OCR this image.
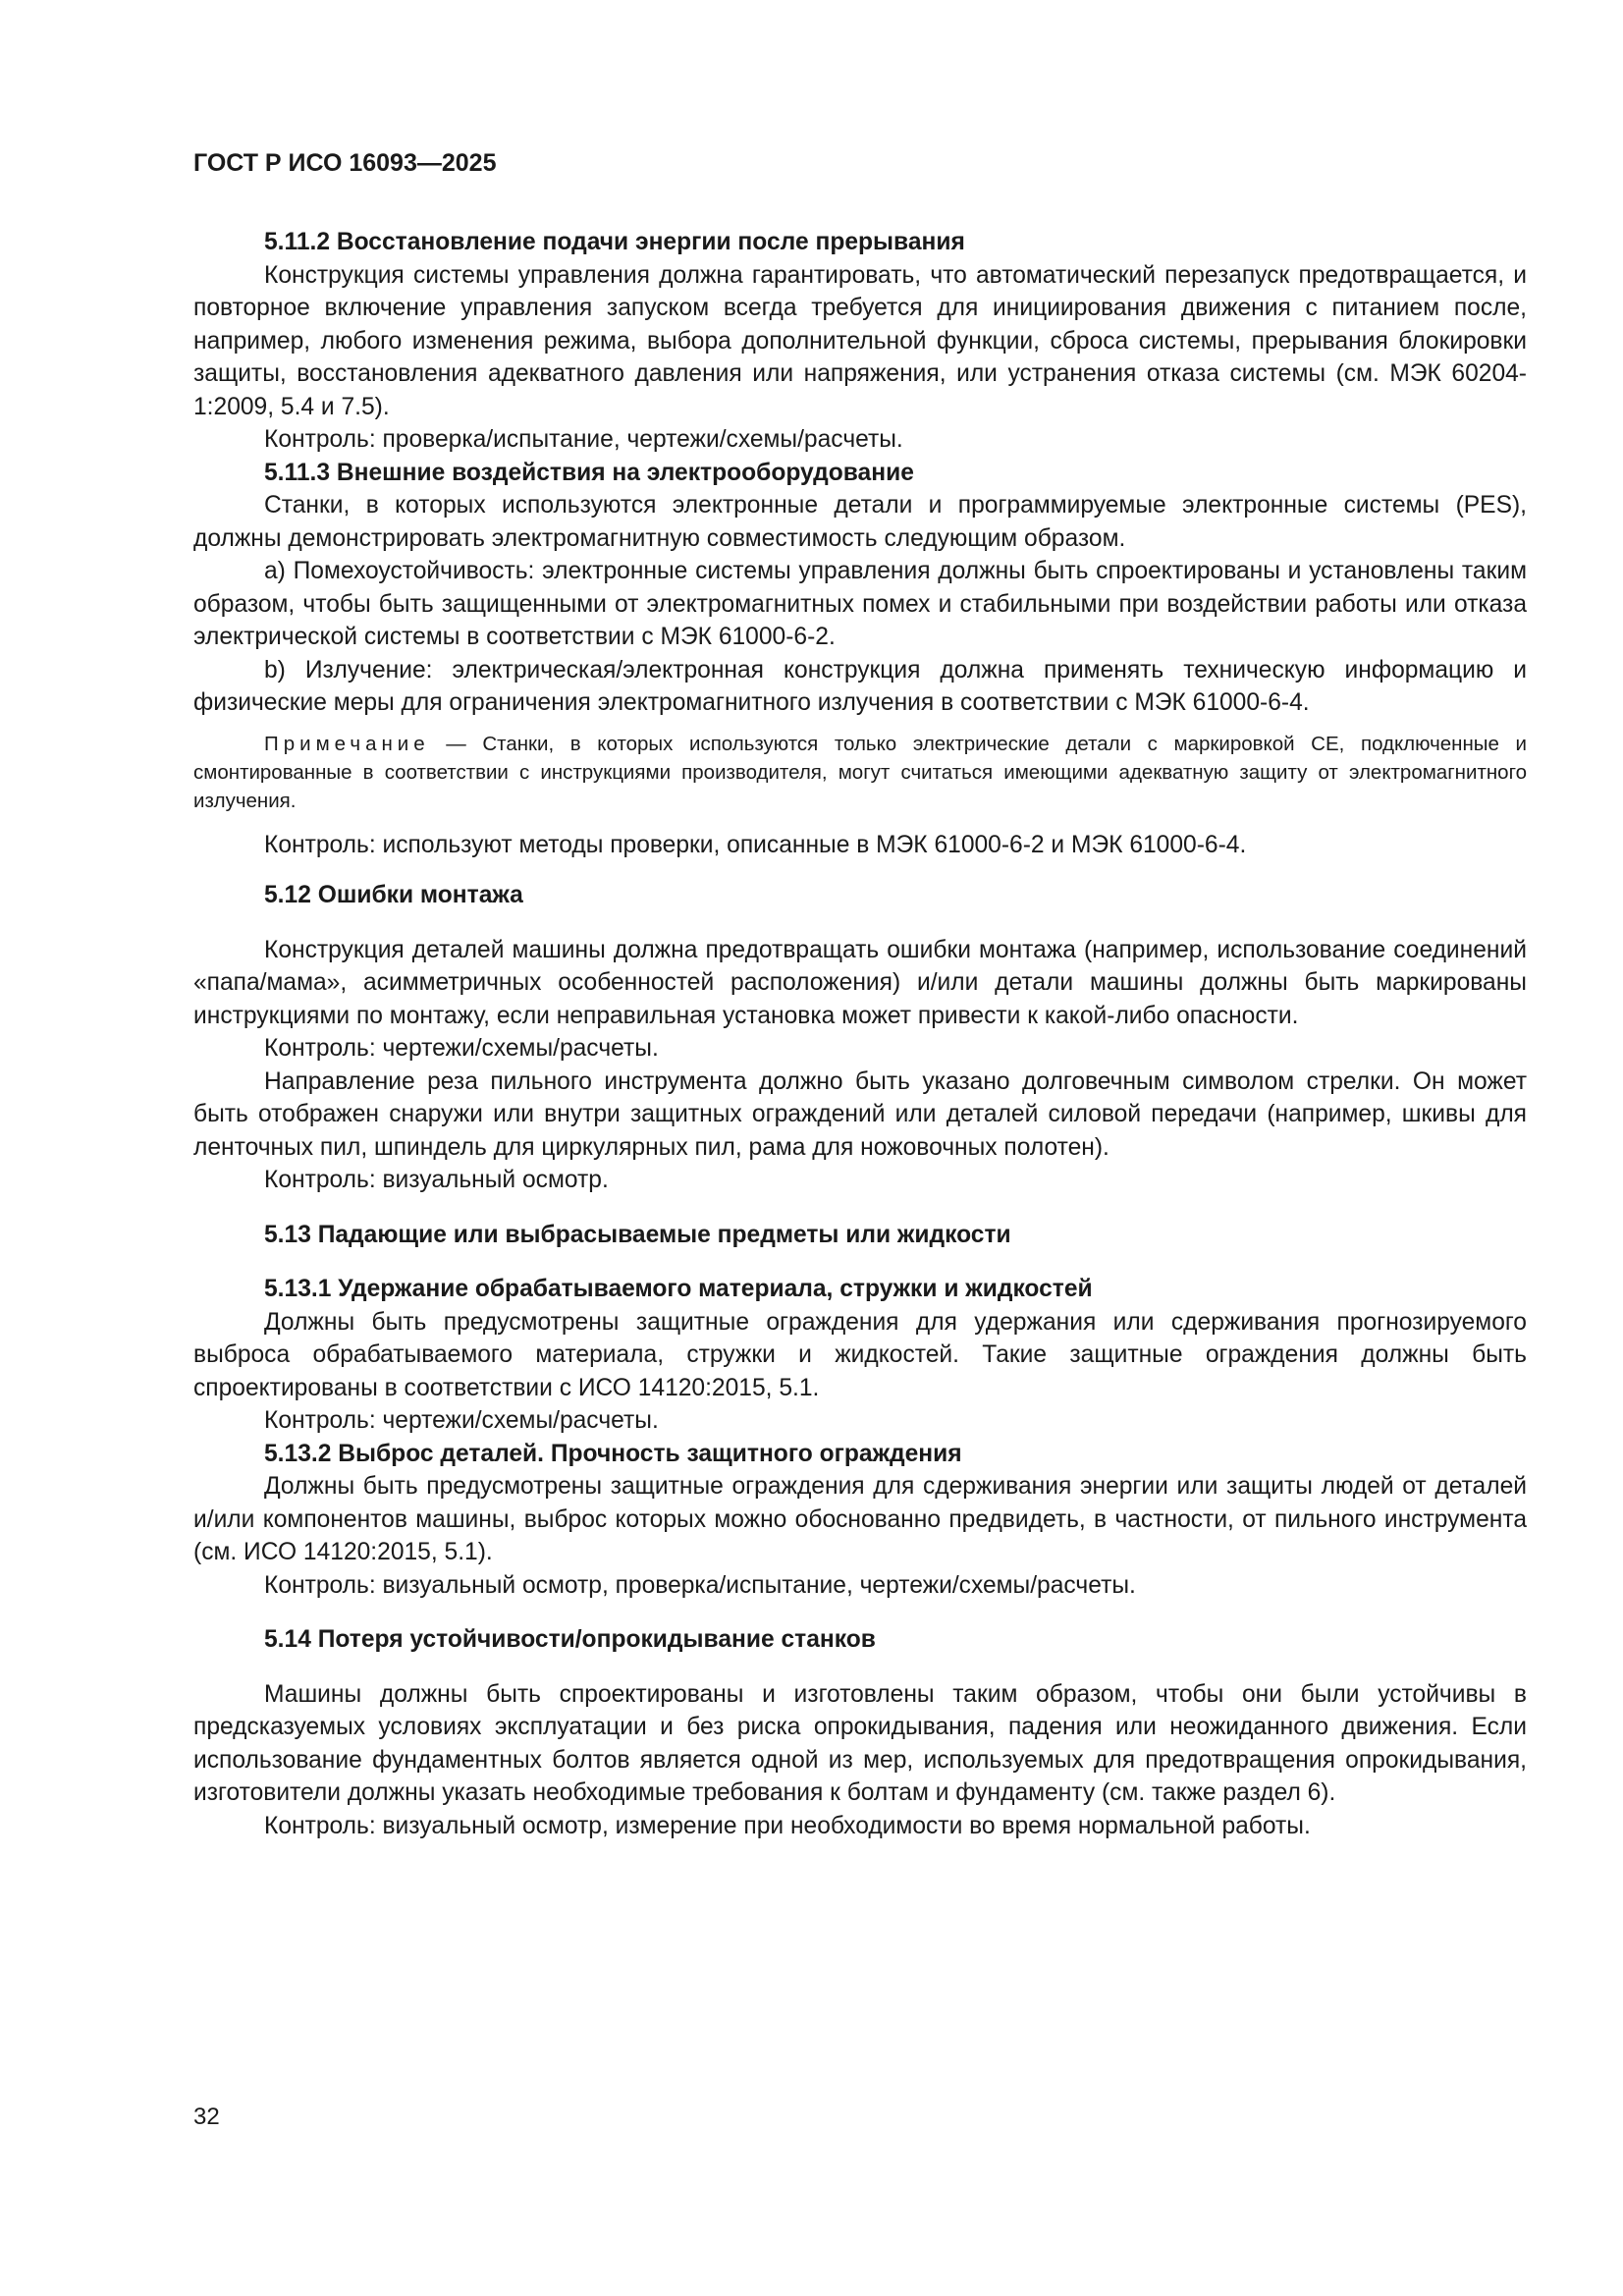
ГОСТ Р ИСО 16093—2025
5.11.2 Восстановление подачи энергии после прерывания

Конструкция системы управления должна гарантировать, что автоматический перезапуск предотвращается, и повторное включение управления запуском всегда требуется для инициирования движения с питанием после, например, любого изменения режима, выбора дополнительной функции, сброса системы, прерывания блокировки защиты, восстановления адекватного давления или напряжения, или устранения отказа системы (см. МЭК 60204-1:2009, 5.4 и 7.5).

Контроль: проверка/испытание, чертежи/схемы/расчеты.

5.11.3 Внешние воздействия на электрооборудование

Станки, в которых используются электронные детали и программируемые электронные системы (PES), должны демонстрировать электромагнитную совместимость следующим образом.

a) Помехоустойчивость: электронные системы управления должны быть спроектированы и установлены таким образом, чтобы быть защищенными от электромагнитных помех и стабильными при воздействии работы или отказа электрической системы в соответствии с МЭК 61000-6-2.

b) Излучение: электрическая/электронная конструкция должна применять техническую информацию и физические меры для ограничения электромагнитного излучения в соответствии с МЭК 61000-6-4.

Примечание — Станки, в которых используются только электрические детали с маркировкой CE, подключенные и смонтированные в соответствии с инструкциями производителя, могут считаться имеющими адекватную защиту от электромагнитного излучения.

Контроль: используют методы проверки, описанные в МЭК 61000-6-2 и МЭК 61000-6-4.

5.12 Ошибки монтажа

Конструкция деталей машины должна предотвращать ошибки монтажа (например, использование соединений «папа/мама», асимметричных особенностей расположения) и/или детали машины должны быть маркированы инструкциями по монтажу, если неправильная установка может привести к какой-либо опасности.

Контроль: чертежи/схемы/расчеты.

Направление реза пильного инструмента должно быть указано долговечным символом стрелки. Он может быть отображен снаружи или внутри защитных ограждений или деталей силовой передачи (например, шкивы для ленточных пил, шпиндель для циркулярных пил, рама для ножовочных полотен).

Контроль: визуальный осмотр.

5.13 Падающие или выбрасываемые предметы или жидкости
5.13.1 Удержание обрабатываемого материала, стружки и жидкостей

Должны быть предусмотрены защитные ограждения для удержания или сдерживания прогнозируемого выброса обрабатываемого материала, стружки и жидкостей. Такие защитные ограждения должны быть спроектированы в соответствии с ИСО 14120:2015, 5.1.

Контроль: чертежи/схемы/расчеты.

5.13.2 Выброс деталей. Прочность защитного ограждения

Должны быть предусмотрены защитные ограждения для сдерживания энергии или защиты людей от деталей и/или компонентов машины, выброс которых можно обоснованно предвидеть, в частности, от пильного инструмента (см. ИСО 14120:2015, 5.1).

Контроль: визуальный осмотр, проверка/испытание, чертежи/схемы/расчеты.

5.14 Потеря устойчивости/опрокидывание станков

Машины должны быть спроектированы и изготовлены таким образом, чтобы они были устойчивы в предсказуемых условиях эксплуатации и без риска опрокидывания, падения или неожиданного движения. Если использование фундаментных болтов является одной из мер, используемых для предотвращения опрокидывания, изготовители должны указать необходимые требования к болтам и фундаменту (см. также раздел 6).

Контроль: визуальный осмотр, измерение при необходимости во время нормальной работы.

32
